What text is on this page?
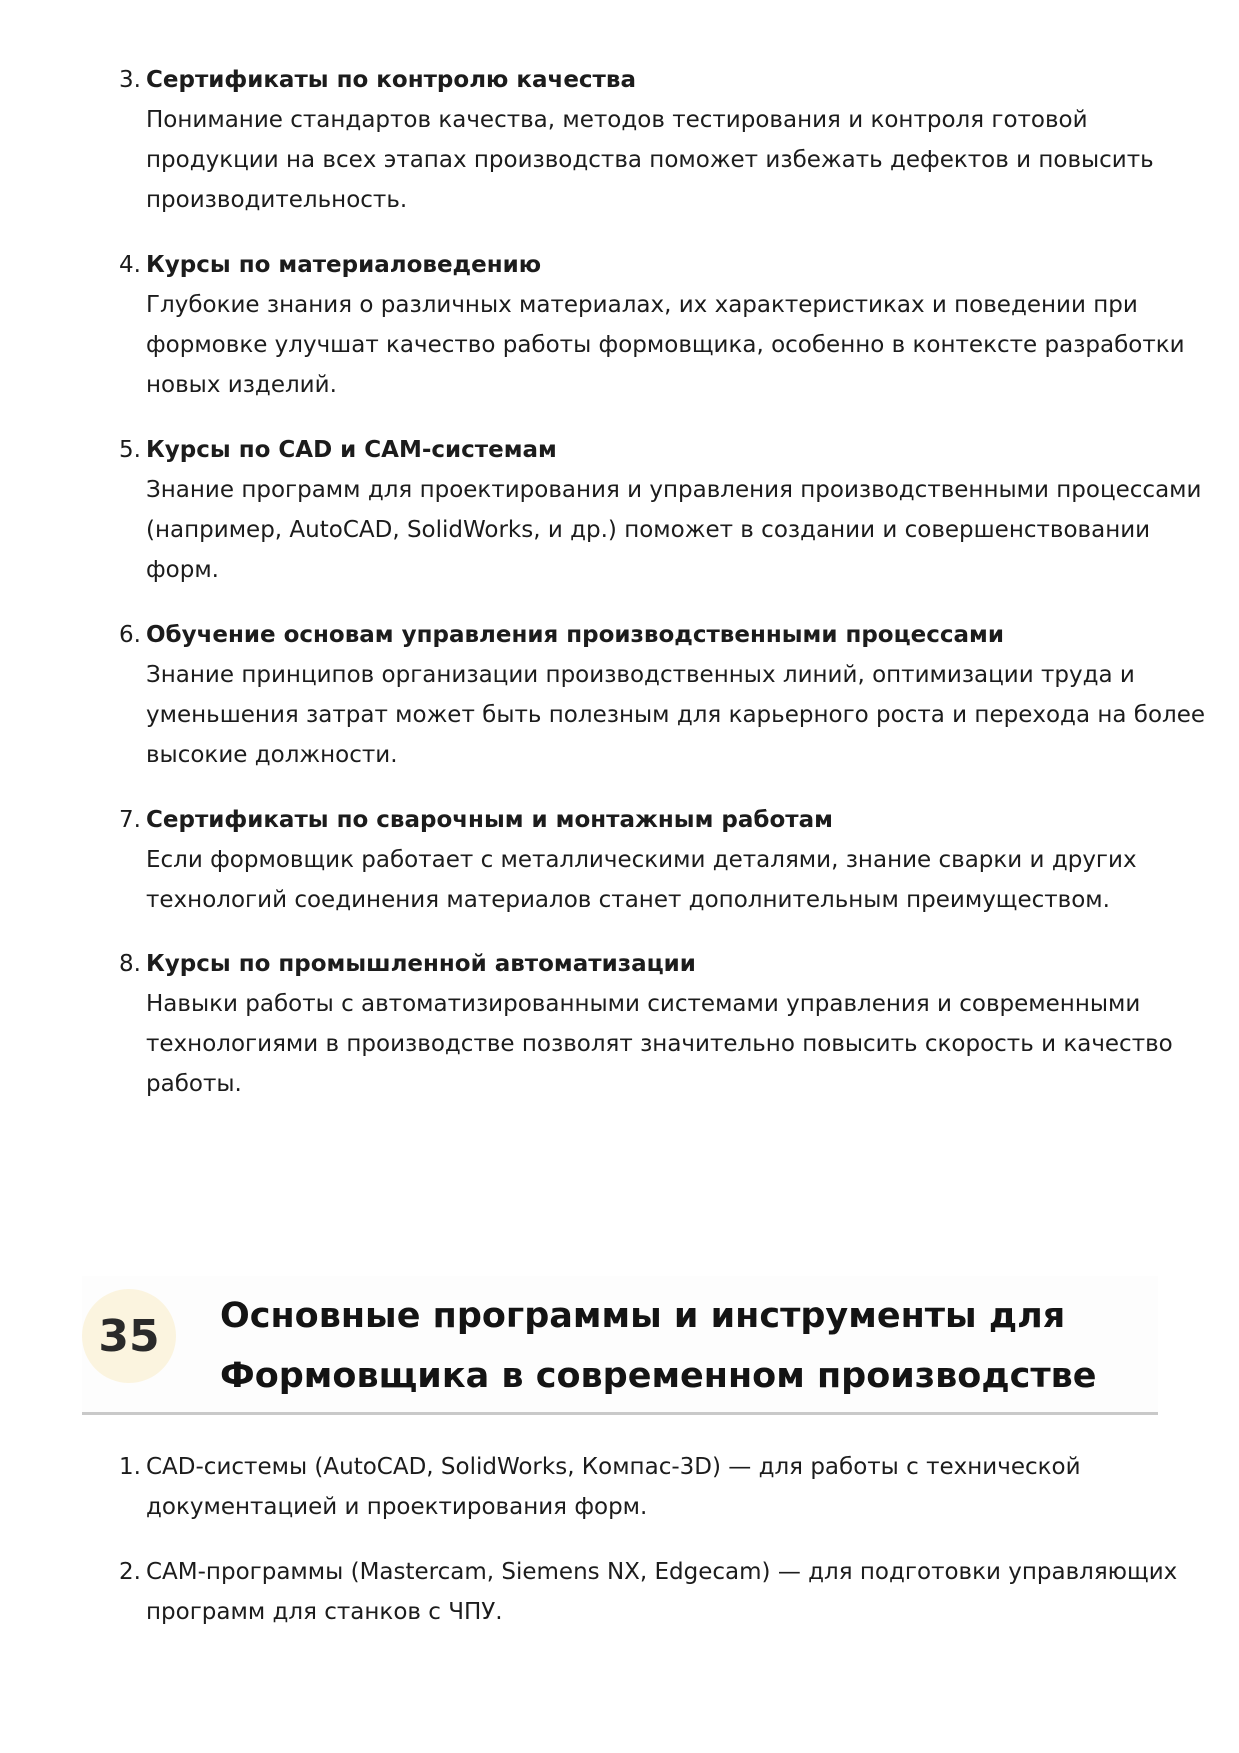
3. Сертификаты по контролю качества
Понимание стандартов качества, методов тестирования и контроля готовой
продукции на всех этапах производства поможет избежать дефектов и повысить
производительность.
4. Курсы по материаловедению
Глубокие знания о различных материалах, их характеристиках и поведении при
формовке улучшат качество работы формовщика, особенно в контексте разработки
новых изделий.
5. Курсы по CAD и CAM-системам
Знание программ для проектирования и управления производственными процессами
(например, AutoCAD, SolidWorks, и др.) поможет в создании и совершенствовании
форм.
6. Обучение основам управления производственными процессами
Знание принципов организации производственных линий, оптимизации труда и
уменьшения затрат может быть полезным для карьерного роста и перехода на более
высокие должности.
7. Сертификаты по сварочным и монтажным работам
Если формовщик работает с металлическими деталями, знание сварки и других
технологий соединения материалов станет дополнительным преимуществом.
8. Курсы по промышленной автоматизации
Навыки работы с автоматизированными системами управления и современными
технологиями в производстве позволят значительно повысить скорость и качество
работы.
35	Основные программы и инструменты для
Формовщика в современном производстве
1. CAD-системы (AutoCAD, SolidWorks, Компас-3D) — для работы с технической
документацией и проектирования форм.
2. CAM-программы (Mastercam, Siemens NX, Edgecam) — для подготовки управляющих
программ для станков с ЧПУ.
